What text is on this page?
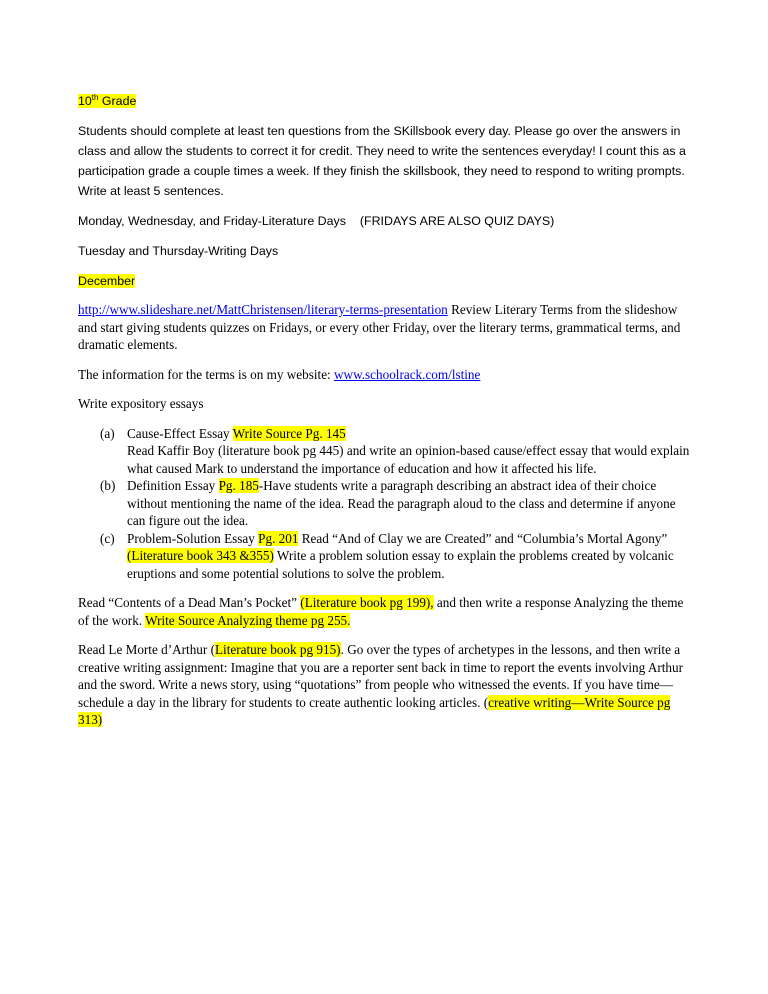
10th Grade

Students should complete at least ten questions from the SKillsbook every day. Please go over the answers in class and allow the students to correct it for credit. They need to write the sentences everyday! I count this as a participation grade a couple times a week. If they finish the skillsbook, they need to respond to writing prompts. Write at least 5 sentences.

Monday, Wednesday, and Friday-Literature Days (FRIDAYS ARE ALSO QUIZ DAYS)

Tuesday and Thursday-Writing Days

December

http://www.slideshare.net/MattChristensen/literary-terms-presentation Review Literary Terms from the slideshow and start giving students quizzes on Fridays, or every other Friday, over the literary terms, grammatical terms, and dramatic elements.

The information for the terms is on my website: www.schoolrack.com/lstine

Write expository essays

(a) Cause-Effect Essay Write Source Pg. 145
Read Kaffir Boy (literature book pg 445) and write an opinion-based cause/effect essay that would explain what caused Mark to understand the importance of education and how it affected his life.
(b) Definition Essay Pg. 185-Have students write a paragraph describing an abstract idea of their choice without mentioning the name of the idea. Read the paragraph aloud to the class and determine if anyone can figure out the idea.
(c) Problem-Solution Essay Pg. 201 Read “And of Clay we are Created” and “Columbia’s Mortal Agony” (Literature book 343 &355) Write a problem solution essay to explain the problems created by volcanic eruptions and some potential solutions to solve the problem.

Read “Contents of a Dead Man’s Pocket” (Literature book pg 199), and then write a response Analyzing the theme of the work. Write Source Analyzing theme pg 255.

Read Le Morte d’Arthur (Literature book pg 915). Go over the types of archetypes in the lessons, and then write a creative writing assignment: Imagine that you are a reporter sent back in time to report the events involving Arthur and the sword. Write a news story, using “quotations” from people who witnessed the events. If you have time—schedule a day in the library for students to create authentic looking articles. (creative writing—Write Source pg 313)
